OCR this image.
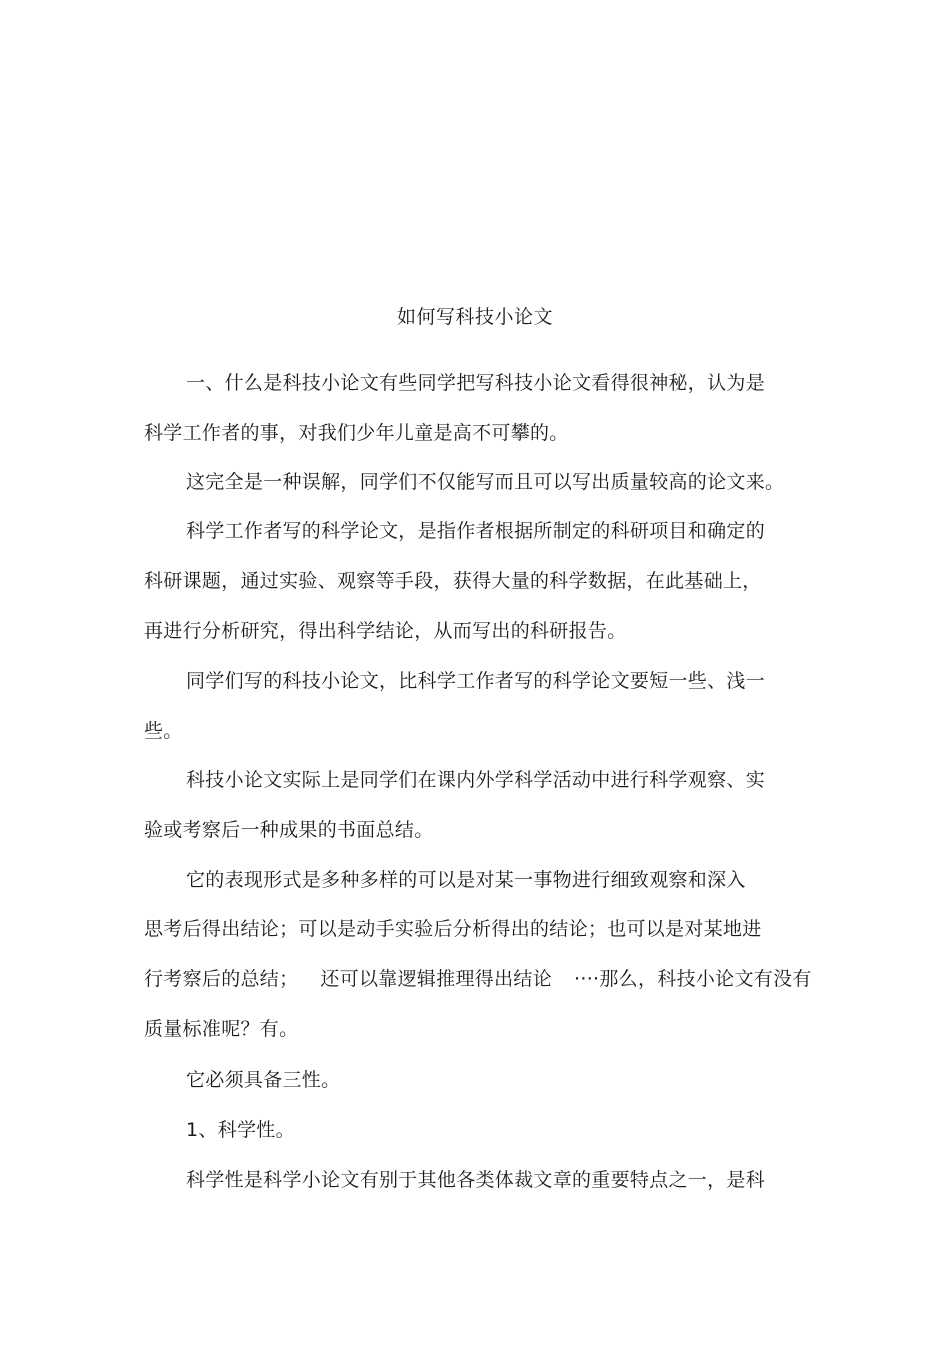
如何写科技小论文
一、什么是科技小论文有些同学把写科技小论文看得很神秘，认为是
科学工作者的事，对我们少年儿童是高不可攀的。
这完全是一种误解，同学们不仅能写而且可以写出质量较高的论文来。
科学工作者写的科学论文，是指作者根据所制定的科研项目和确定的
科研课题，通过实验、观察等手段，获得大量的科学数据，在此基础上，
再进行分析研究，得出科学结论，从而写出的科研报告。
同学们写的科技小论文，比科学工作者写的科学论文要短一些、浅一
些。
科技小论文实际上是同学们在课内外学科学活动中进行科学观察、实
验或考察后一种成果的书面总结。
它的表现形式是多种多样的可以是对某一事物进行细致观察和深入
思考后得出结论；可以是动手实验后分析得出的结论；也可以是对某地进
行考察后的总结； 还可以靠逻辑推理得出结论 ····那么，科技小论文有没有
质量标准呢？有。
它必须具备三性。
1、科学性。
科学性是科学小论文有别于其他各类体裁文章的重要特点之一，是科
